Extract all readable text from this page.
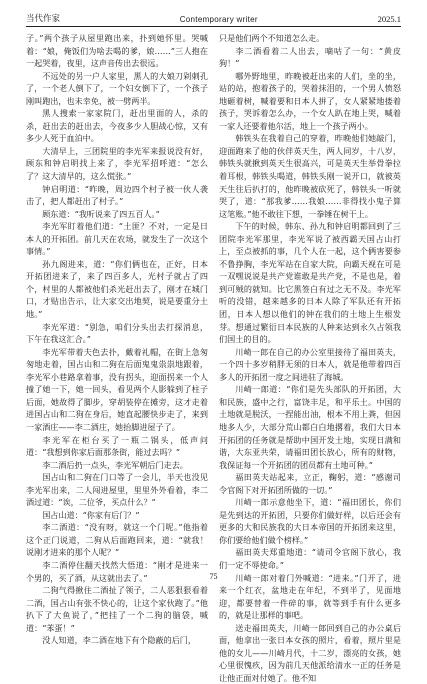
当代作家	Contemporary writer	2025.1

子。”两个孩子从屋里跑出来，扑到她怀里。哭喊着：“娘，俺饭们为啥去喝的爹，娘……”三人抱在一起哭着，夜里，这声音传出去很远。

不远处的另一户人家里，黑人的大娘刀剁刺孔了，一个老人倒下了，一个妇女倒下了，一个孩子刚叫跑出，也未幸免，被一劈两半。

黑人搜索一家家院门，赶出里面的人，杀的杀，赶出去的赶出去，今夜多少人胆战心惊，又有多少人死于血泊中。

大清早上，三团院里的李光军来报说没有好，顾东和钟启明找上来了，李光军招呼道：“怎么了？这大清早的，这么慌张。”

钟启明道：“昨晚，周边四个村子被一伙人袭击了，把人都赶出了村子。”

顾东道：“我听说来了四五百人。”

李光军盯着他们道：“土匪？不对，一定是日本人的开拓团。前几天在农场，就发生了一次这个事情。”

孙九阁进来，道：“你们俩也在，正好，日本开拓团进来了，来了四百多人，光村子就占了四个，村里的人都被他们杀光赶出去了，刚才在城门口，才贴出告示，让大家交出地契，说是要重分土地。”

李光军道：“别急，咱们分头出去打探消息，下午在我这汇合。”

李光军带着夫色去扑，戴着礼帽，在街上急匆匆地走着，国占山和二狗在后面鬼鬼祟祟地跟着，李光军小巷路拿着事，没有拐头，迎面拐来一个人撞了她一下，她一回头，看见两个人影躲到了柱子后面，她故得了脚步，穿胡装停在摊旁，这才走着进国占山和二狗在身后，她直起腰快步走了，来到一家酒庄——李二酒庄，她抬脚进屋子了。

李光军在柜台买了一瓶二锅头，低声问道：“我想到你家后面那条街，能过去吗？”

李二酒后扔一点头，李光军朝后门走去。

国占山和二狗在门口等了一会儿，半天也没见李光军出来，二人闯进屋里，里里外外看着，李二酒过道：“诶，二位爷，买点什么？”

国占山道：“你家有后门？”

李二酒道：“没有呀，就这一个门呢。”他指着这个正门说道，二狗从后面跑回来，道：“就我！说刚才进来的那个人呢？”

李二酒停住翻天找然大悟道：“刚才是进来一个男的，买了酒，从这就出去了。”

二狗气得揪住二酒扯了领子，二人恶狠狠看着二酒，国占山有张不快心的，让这个家伙跑了。”他扒下了大鱼说了，”把挂了一个二狗的脑袋，喊道：“苯蛋！”

没人知道，李二酒在地下有个隐蔽的后门，

只是他们两个不知道怎么走。

李二酒看着二人出去，嘀咕了一句：“黄皮狗！”

哪外野地里，昨晚被赶出来的人们，坐的坐，站的站，抱着孩子的，哭着抹泪的，一个男人愤怒地砸着树，喊着要和日本人拼了，女人紧紧地搂着孩子，哭诉着怎么办，一个女人趴在地上哭，喊着一家人还要着他尔活，地上一个孩子两小。

韩铁头在我着自己的穿着，昨晚他们她敲门，迎面跑来了他的伙伴英天生，两人同岁，十八岁，韩铁头就揪到英天生很高兴，可是英天生举骨拳拉着耳根，韩铁头喝道，韩铁头刚一说开口，就被英天生往后扒打的，他昨晚被砍死了，韩铁头一听就哭了，道：“那我爹……我娘……非得找小鬼子算这笔账。”他不敢往下想，一拳锤在树干上。

下午的时候，韩东、孙九和钟启明都回到了三团院李光军那里，李光军说了被西霸天国占山打上，至点被抓的事，几个人在一起，这个俩害要参不鲁挣胸，李光军站在自家大院，向霸天视在可是一双嘿说说是共产党谁敢是共产党，不是也是，着到可贼的就知。比它黑签白有过之无不及。李光军听的没错，越来越多的日本人除了军队还有开拓团，日本人想以他们的钟在我们的土地上生根发芽。想通过繁衍日本民族的人种来达到永久占领我们国土的目的。

川崎一郎在自己的办公室里接待了福田英夫，一个四十多岁稍胖无须的日本人，就是他带着四百多人的开拓团一度之间进驻了海城。

川崎一郎道：“你们是先头部队的开拓团，大和民族，盛中之行，富饶丰足，和平乐土。中国的土地就是脱沃，一捏能出油，根本不用上粪，但因地多人少，大部分荒山都白白地撂着，我们大日本开拓团的任务就是帮助中国开发土地，实现日满和谐，大东亚共荣，请福田团长放心，所有的财物，我保证每一个开拓团的团员都有土地可种。”

福田英夫站起来，立正，鞠躬，道：“感谢司令官阁下对开拓团所做的一切。”

川崎一郎示意他坐下，道：“福田团长，你们是先到达的开拓团，只要你们做好样，以后还会有更多的大和民族我的大日本帝国的开拓团来这里，你们要给他们做个榜样。”

福田英夫郑重地道：“请司令官阁下放心，我们一定不辱使命。”

川崎一郎对着门外喊道：“进来。”门开了，进来一个红衣，盆地走在年纪，不到半了，见面地迎，都要替着一件碎的事，就等到手有什么更多的，就是让那样的事吧。

送走福田英夫，川崎一郎回到自己的办公桌后面，他拿出一张日本女孩的照片，看着，照片里是他的女儿——川崎月代，十二岁，漂亮的女孩，她心里很愧疚，因为前几天他派给清水一正的任务是让他正面对付她了。他不知

75
